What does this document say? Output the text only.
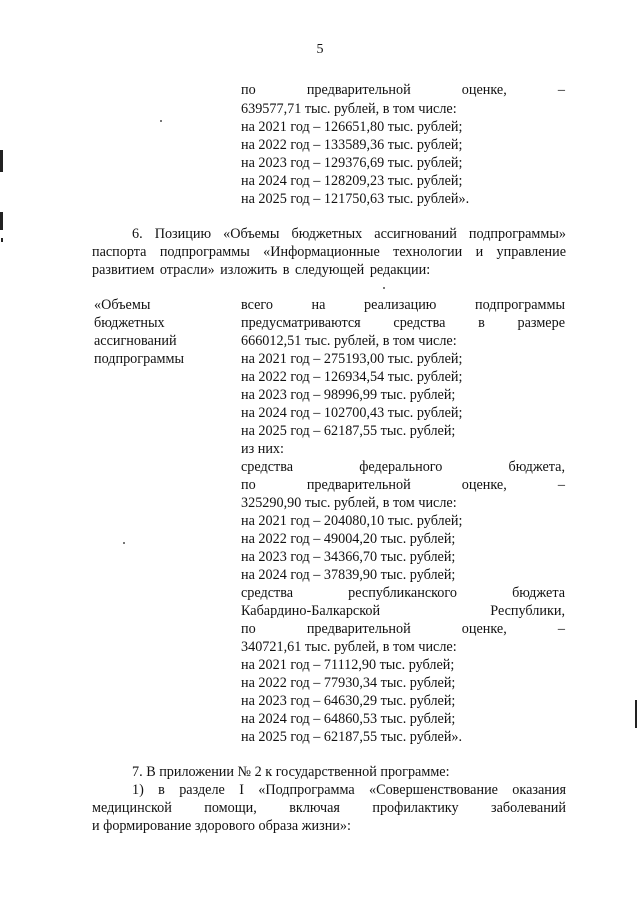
5
по предварительной оценке, –
639577,71 тыс. рублей, в том числе:
на 2021 год – 126651,80 тыс. рублей;
на 2022 год – 133589,36 тыс. рублей;
на 2023 год – 129376,69 тыс. рублей;
на 2024 год – 128209,23 тыс. рублей;
на 2025 год – 121750,63 тыс. рублей».
6. Позицию «Объемы бюджетных ассигнований подпрограммы»
паспорта подпрограммы «Информационные технологии и управление
развитием отрасли» изложить в следующей редакции:
«Объемы
бюджетных
ассигнований
подпрограммы
всего на реализацию подпрограммы
предусматриваются средства в размере
666012,51 тыс. рублей, в том числе:
на 2021 год – 275193,00 тыс. рублей;
на 2022 год – 126934,54 тыс. рублей;
на 2023 год – 98996,99 тыс. рублей;
на 2024 год – 102700,43 тыс. рублей;
на 2025 год – 62187,55 тыс. рублей;
из них:
средства федерального бюджета,
по предварительной оценке, –
325290,90 тыс. рублей, в том числе:
на 2021 год – 204080,10 тыс. рублей;
на 2022 год – 49004,20 тыс. рублей;
на 2023 год – 34366,70 тыс. рублей;
на 2024 год – 37839,90 тыс. рублей;
средства республиканского бюджета
Кабардино-Балкарской Республики,
по предварительной оценке, –
340721,61 тыс. рублей, в том числе:
на 2021 год – 71112,90 тыс. рублей;
на 2022 год – 77930,34 тыс. рублей;
на 2023 год – 64630,29 тыс. рублей;
на 2024 год – 64860,53 тыс. рублей;
на 2025 год – 62187,55 тыс. рублей».
7. В приложении № 2 к государственной программе:
1) в разделе I «Подпрограмма «Совершенствование оказания
медицинской помощи, включая профилактику заболеваний
и формирование здорового образа жизни»:
